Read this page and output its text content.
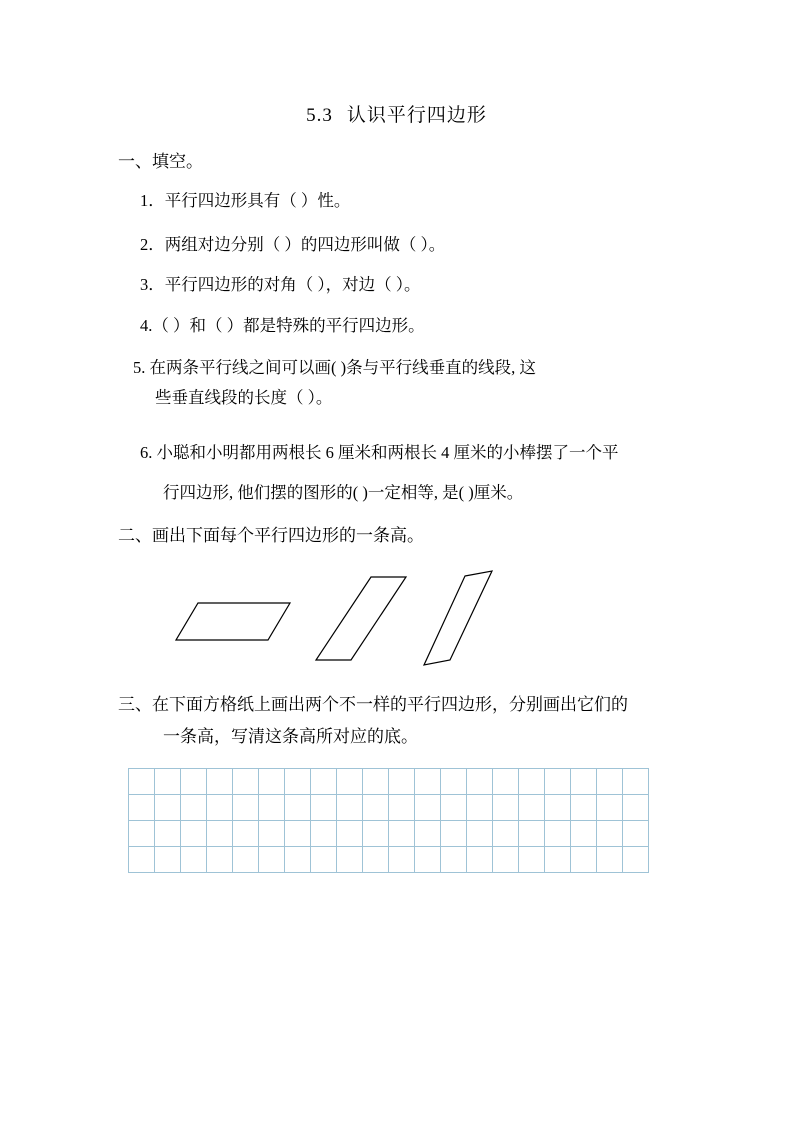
5.3 认识平行四边形
一、填空。
1．平行四边形具有（ ）性。
2．两组对边分别（ ）的四边形叫做（ ）。
3．平行四边形的对角（ ），对边（ ）。
4.（ ）和（ ）都是特殊的平行四边形。
5. 在两条平行线之间可以画( )条与平行线垂直的线段, 这
些垂直线段的长度（ ）。
6. 小聪和小明都用两根长 6 厘米和两根长 4 厘米的小棒摆了一个平
行四边形, 他们摆的图形的( )一定相等, 是( )厘米。
二、画出下面每个平行四边形的一条高。
三、在下面方格纸上画出两个不一样的平行四边形，分别画出它们的
一条高，写清这条高所对应的底。
